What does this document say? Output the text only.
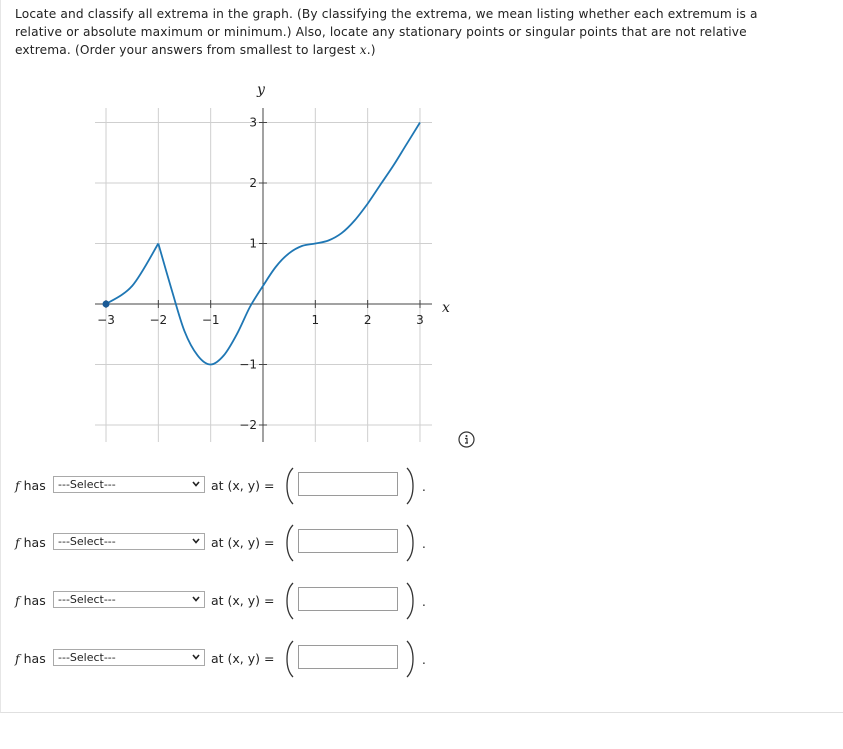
Locate and classify all extrema in the graph. (By classifying the extrema, we mean listing whether each extremum is a
relative or absolute maximum or minimum.) Also, locate any stationary points or singular points that are not relative
extrema. (Order your answers from smallest to largest x.)
−3	−2	−1	1	2	3
3
2
1
−1
−2
x
y
f has	---Select---	at (x, y) =	.
f has	---Select---	at (x, y) =	.
f has	---Select---	at (x, y) =	.
f has	---Select---	at (x, y) =	.
